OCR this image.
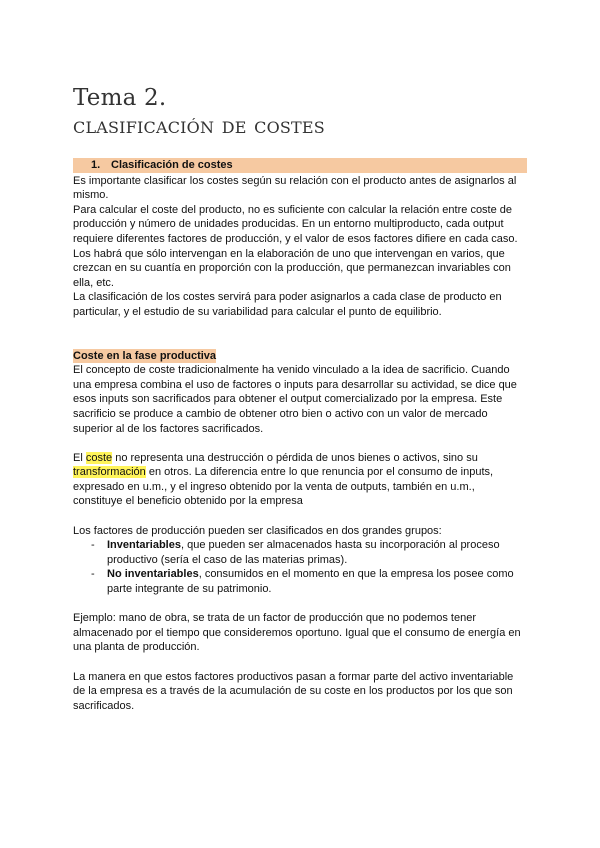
Tema 2.
clasificación de costes
1. Clasificación de costes

Es importante clasificar los costes según su relación con el producto antes de asignarlos al mismo.

Para calcular el coste del producto, no es suficiente con calcular la relación entre coste de producción y número de unidades producidas. En un entorno multiproducto, cada output requiere diferentes factores de producción, y el valor de esos factores difiere en cada caso. Los habrá que sólo intervengan en la elaboración de uno que intervengan en varios, que crezcan en su cuantía en proporción con la producción, que permanezcan invariables con ella, etc.

La clasificación de los costes servirá para poder asignarlos a cada clase de producto en particular, y el estudio de su variabilidad para calcular el punto de equilibrio.

Coste en la fase productiva

El concepto de coste tradicionalmente ha venido vinculado a la idea de sacrificio. Cuando una empresa combina el uso de factores o inputs para desarrollar su actividad, se dice que esos inputs son sacrificados para obtener el output comercializado por la empresa. Este sacrificio se produce a cambio de obtener otro bien o activo con un valor de mercado superior al de los factores sacrificados.

El coste no representa una destrucción o pérdida de unos bienes o activos, sino su transformación en otros. La diferencia entre lo que renuncia por el consumo de inputs, expresado en u.m., y el ingreso obtenido por la venta de outputs, también en u.m., constituye el beneficio obtenido por la empresa

Los factores de producción pueden ser clasificados en dos grandes grupos:

- Inventariables, que pueden ser almacenados hasta su incorporación al proceso productivo (sería el caso de las materias primas).
- No inventariables, consumidos en el momento en que la empresa los posee como parte integrante de su patrimonio.

Ejemplo: mano de obra, se trata de un factor de producción que no podemos tener almacenado por el tiempo que consideremos oportuno. Igual que el consumo de energía en una planta de producción.

La manera en que estos factores productivos pasan a formar parte del activo inventariable de la empresa es a través de la acumulación de su coste en los productos por los que son sacrificados.
